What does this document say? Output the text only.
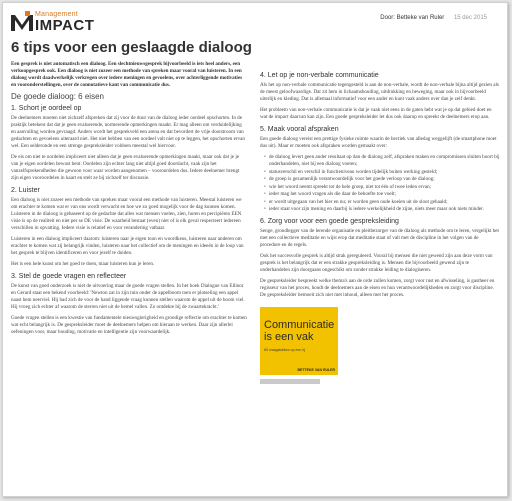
Management
IMPACT	Door: Betteke van Ruler 15 dec 2015
6 tips voor een geslaagde dialoog

Een gesprek is niet automatisch een dialoog. Een slechtnieuwsgesprek bijvoorbeeld is iets heel anders, een verkoopgesprek ook. Een dialoog is niet zozeer een methode van spreken maar vooral van luisteren. In een dialoog wordt daadwerkelijk verkregen over iedere meningen en gevoelens, over achterliggende motivaties en vooronderstellingen, over de connotatieve kant van communicatie dus.

De goede dialoog: 6 eisen
1. Schort je oordeel op

De deelnemers moeten niet zichzelf afspreken dat zij voor de duur van de dialoog ieder oordeel opschorten. In de praktijk betekent dat dat je geen evaluerende, normerende opmerkingen maakt. Er mag alleen om verduidelijking en aanvulling worden gevraagd. Anders wordt het gesprekveld een arena en dat bevordert de vrije doorstroom van gedachten en gevoelens uiteraard niet. Het niet hebben van een oordeel valt niet op te leggen, het opschorten ervan wel. Een selderonde en een strenge gespreksleider voldoen meestal wel hiervoor.

De eis om niet te oordelen impliceert niet alleen dat je geen evaluerende opmerkingen maakt, maar ook dat je je van je eigen oordelen bewust bent. Oordelen zijn echter lang niet altijd goed doordacht, vaak zijn het vanzelfsprekendheden die gewoon voor waar worden aangenomen – vooroordelen dus. Iedere deelnemer brengt zijn eigen vooroordelen in kaart en stelt ze bij zichzelf ter discussie.

2. Luister

Een dialoog is niet zozeer een methode van spreken maar vooral een methode van luisteren. Meestal luisteren we om erachter te komen wat er van ons wordt verwacht en hoe we zo goed mogelijk voor de dag kunnen komen. Luisteren in de dialoog is gebaseerd op de gedachte dat alles wat mensen voelen, zien, horen en percipiëren EEN visie is op de realiteit en niet per se DE visie. De waarheid bestaat (even) niet of is elk geval respecteert iedereen verschillen in opvatting. Iedere visie is relatief en voor verandering vatbaar.

Luisteren in een dialoog impliceert daarom: luisteren naar je eigen toon en woordkeus, luisteren naar anderen om erachter te komen wat zij belangrijk vinden, luisteren naar het collectief om de meningen en ideeën in de loop van het gesprek te blijven identificeren en voor jezelf te duiden.

Het is een hele kunst om het goed te doen, maar luisteren kun je leren.

3. Stel de goede vragen en reflecteer

De kunst van goed onderzoek is niet de uitvoering maar de goede vragen stellen. In het boek Dialogue van Ellinor en Gerard staat een bekend voorbeeld: 'Newton zat in zijn tuin onder de appelboom toen er plotseling een appel naast hem neerviel. Hij had zich de voor de hand liggende vraag kunnen stellen waarom de appel uit de boom viel. Hij vroeg zich echter af waarom de sterren niet uit de hemel vallen. Zo ontdekte hij de zwaartekracht.'

Goede vragen stellen is een kwestie van fundamentele nieuwsgierigheid en grondige reflectie om erachter te komen wat echt belangrijk is. De gespreksleider moet de deelnemers helpen om hieraan te werken. Daar zijn allerlei oefeningen voor, maar houding, motivatie en intelligentie zijn voorwaardelijk.

4. Let op je non-verbale communicatie

Als het op non-verbale communicatie tegengesteld is aan de non-verbale, wordt de non-verbale bijna altijd gezien als de meest geloofwaardige. Dat zit hem in lichaamshouding, uitdrukking en beweging, maar ook in bijvoorbeeld uiterlijk en kleding. Dat is allemaal informatief voor een ander en kunt vaak anders over dan je zelf denkt.

Het probleem van non-verbale communicatie is dat je vaak niet eens in de gaten hebt wat je op dat gebied doet en wat de impact daarvan kan zijn. Een goede gespreksleider let dus ook daarop en spreekt de deelnemers erop aan.

5. Maak vooral afspraken

Een goede dialoog vereist een prettige fysieke ruimte waarin de hectiek van alledag weggelijft (de smartphone moet dus uit). Maar er moeten ook afspraken worden gemaakt over:

• de dialoog levert geen ander resultaat op dan de dialoog zelf, afspraken maken en compromissen sluiten hoort bij onderhandelen, niet bij een dialoog voeren;
• statusverschil en verschil in functieniveau worden tijdelijk buiten werking gesteld;
• de groep is gezamenlijk verantwoordelijk voor het goede verloop van de dialoog;
• wie het woord neemt spreekt tot de hele groep, niet tot één of twee leden ervan;
• ieder mag het woord vragen als die daar de behoefte toe voelt;
• er wordt uitgegaan van het hier en nu; er worden geen oude koeien uit de sloot gehaald;
• ieder staat voor zijn mening en daarbij is iedere werkelijkheid de zijne, niets meer maar ook niets minder.
6. Zorg voor voor een goede gespreksleiding

Senge, grondlegger van de lerende organisatie en pleitbezorger van de dialoog als methode om te leren, vergelijkt het met een collectieve meditatie en wijst erop dat meditatie staat of valt met de discipline in het volgen van de procedure en de regels.

Ook het succesvolle gesprek is altijd strak gereguleerd. Vooral bij mensen die niet gewend zijn aan deze vorm van gesprek is het belangrijk dat er een strakke gespreksleiding is. Mensen die bijvoorbeeld gewend zijn te onderhandelen zijn doorgaans ongeschikt om zonder strakke leiding te dialogiseren.

De gespreksleider bespreekt welke thema's aan de orde zullen komen, zorgt voor rust en afwisseling, is gastheer en regisseur van het proces, houdt de deelnemers aan de eisen en hun verantwoordelijkheden en zorgt voor discipline. De gespreksleider bemoeit zich niet met inhoud, alleen met het proces.

Communicatie is een vak
60 vraagstukken op een rij
BETTEKE VAN RULER
